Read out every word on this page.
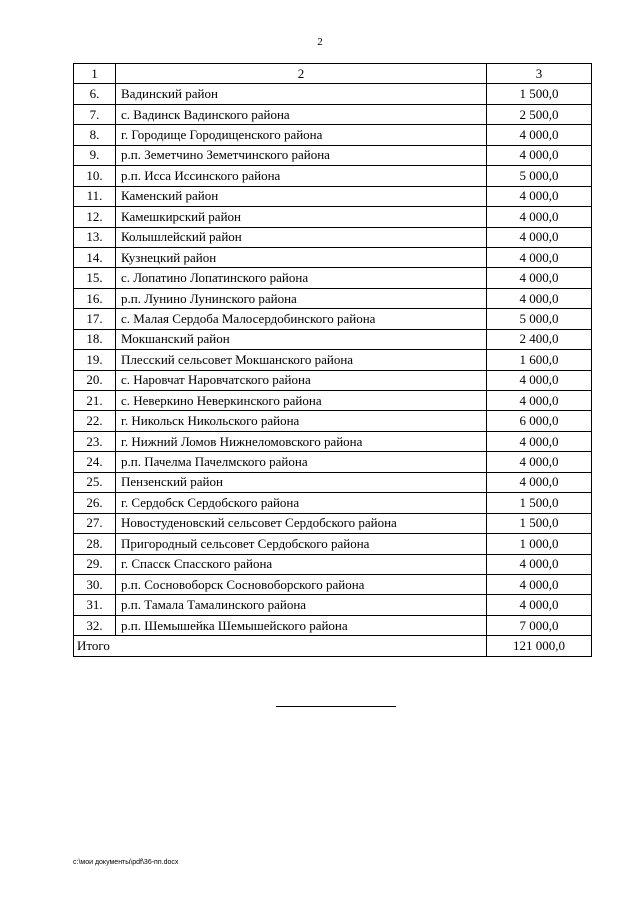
2
1	2	3
6.	Вадинский район	1 500,0
7.	с. Вадинск Вадинского района	2 500,0
8.	г. Городище Городищенского района	4 000,0
9.	р.п. Земетчино Земетчинского района	4 000,0
10.	р.п. Исса Иссинского района	5 000,0
11.	Каменский район	4 000,0
12.	Камешкирский район	4 000,0
13.	Колышлейский район	4 000,0
14.	Кузнецкий район	4 000,0
15.	с. Лопатино Лопатинского района	4 000,0
16.	р.п. Лунино Лунинского района	4 000,0
17.	с. Малая Сердоба Малосердобинского района	5 000,0
18.	Мокшанский район	2 400,0
19.	Плесский сельсовет Мокшанского района	1 600,0
20.	с. Наровчат Наровчатского района	4 000,0
21.	с. Неверкино Неверкинского района	4 000,0
22.	г. Никольск Никольского района	6 000,0
23.	г. Нижний Ломов Нижнеломовского района	4 000,0
24.	р.п. Пачелма Пачелмского района	4 000,0
25.	Пензенский район	4 000,0
26.	г. Сердобск Сердобского района	1 500,0
27.	Новостуденовский сельсовет Сердобского района	1 500,0
28.	Пригородный сельсовет Сердобского района	1 000,0
29.	г. Спасск Спасского района	4 000,0
30.	р.п. Сосновоборск Сосновоборского района	4 000,0
31.	р.п. Тамала Тамалинского района	4 000,0
32.	р.п. Шемышейка Шемышейского района	7 000,0
Итого		121 000,0
c:\мои документы\pdf\36-пп.docx
